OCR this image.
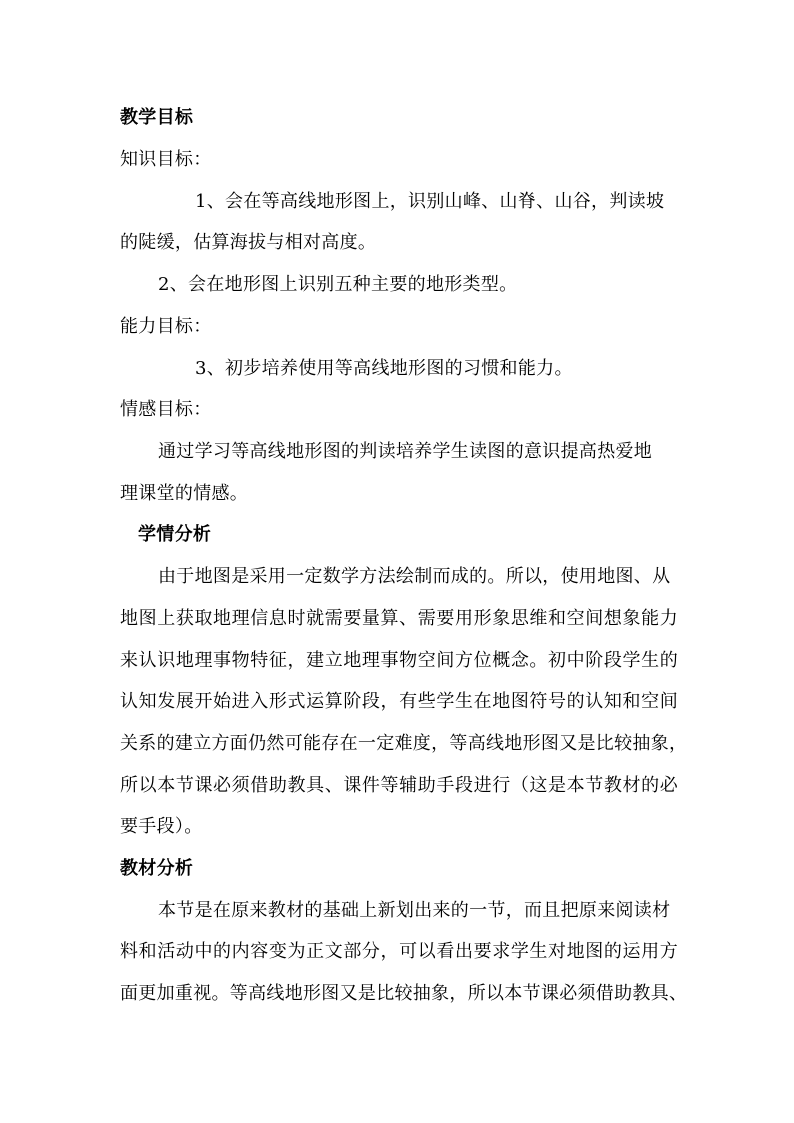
教学目标
知识目标：
1、会在等高线地形图上，识别山峰、山脊、山谷，判读坡
的陡缓，估算海拔与相对高度。
2、会在地形图上识别五种主要的地形类型。
能力目标：
3、初步培养使用等高线地形图的习惯和能力。
情感目标：
通过学习等高线地形图的判读培养学生读图的意识提高热爱地
理课堂的情感。
学情分析
由于地图是采用一定数学方法绘制而成的。所以，使用地图、从
地图上获取地理信息时就需要量算、需要用形象思维和空间想象能力
来认识地理事物特征，建立地理事物空间方位概念。初中阶段学生的
认知发展开始进入形式运算阶段，有些学生在地图符号的认知和空间
关系的建立方面仍然可能存在一定难度，等高线地形图又是比较抽象，
所以本节课必须借助教具、课件等辅助手段进行（这是本节教材的必
要手段）。
教材分析
本节是在原来教材的基础上新划出来的一节，而且把原来阅读材
料和活动中的内容变为正文部分，可以看出要求学生对地图的运用方
面更加重视。等高线地形图又是比较抽象，所以本节课必须借助教具、
